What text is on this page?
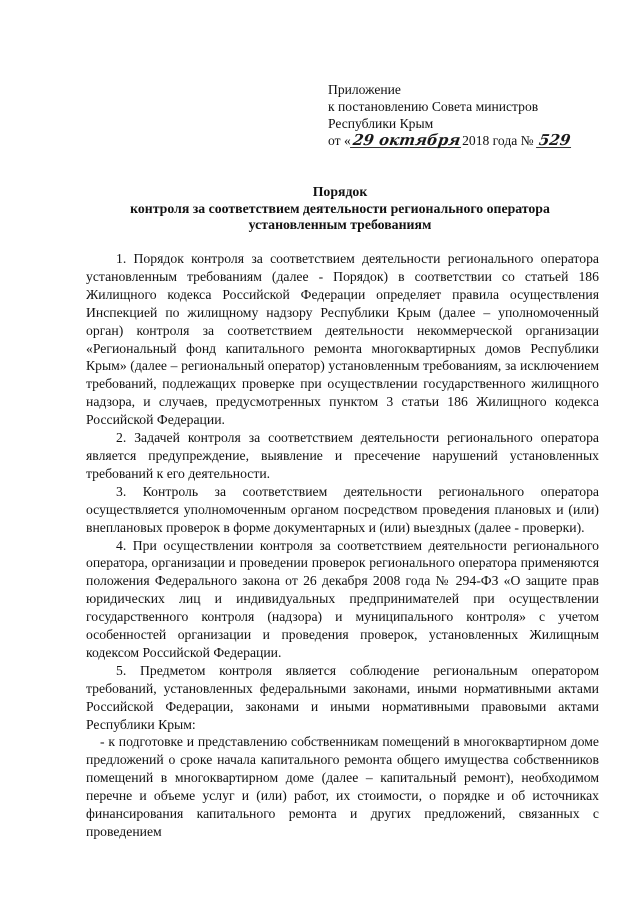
Приложение
к постановлению Совета министров
Республики Крым
от «29 октября2018 года № 529
Порядок
контроля за соответствием деятельности регионального оператора
установленным требованиям

1. Порядок контроля за соответствием деятельности регионального оператора установленным требованиям (далее - Порядок) в соответствии со статьей 186 Жилищного кодекса Российской Федерации определяет правила осуществления Инспекцией по жилищному надзору Республики Крым (далее – уполномоченный орган) контроля за соответствием деятельности некоммерческой организации «Региональный фонд капитального ремонта многоквартирных домов Республики Крым» (далее – региональный оператор) установленным требованиям, за исключением требований, подлежащих проверке при осуществлении государственного жилищного надзора, и случаев, предусмотренных пунктом 3 статьи 186 Жилищного кодекса Российской Федерации.

2. Задачей контроля за соответствием деятельности регионального оператора является предупреждение, выявление и пресечение нарушений установленных требований к его деятельности.

3. Контроль за соответствием деятельности регионального оператора осуществляется уполномоченным органом посредством проведения плановых и (или) внеплановых проверок в форме документарных и (или) выездных (далее - проверки).

4. При осуществлении контроля за соответствием деятельности регионального оператора, организации и проведении проверок регионального оператора применяются положения Федерального закона от 26 декабря 2008 года № 294-ФЗ «О защите прав юридических лиц и индивидуальных предпринимателей при осуществлении государственного контроля (надзора) и муниципального контроля» с учетом особенностей организации и проведения проверок, установленных Жилищным кодексом Российской Федерации.

5. Предметом контроля является соблюдение региональным оператором требований, установленных федеральными законами, иными нормативными актами Российской Федерации, законами и иными нормативными правовыми актами Республики Крым:

- к подготовке и представлению собственникам помещений в многоквартирном доме предложений о сроке начала капитального ремонта общего имущества собственников помещений в многоквартирном доме (далее – капитальный ремонт), необходимом перечне и объеме услуг и (или) работ, их стоимости, о порядке и об источниках финансирования капитального ремонта и других предложений, связанных с проведением
